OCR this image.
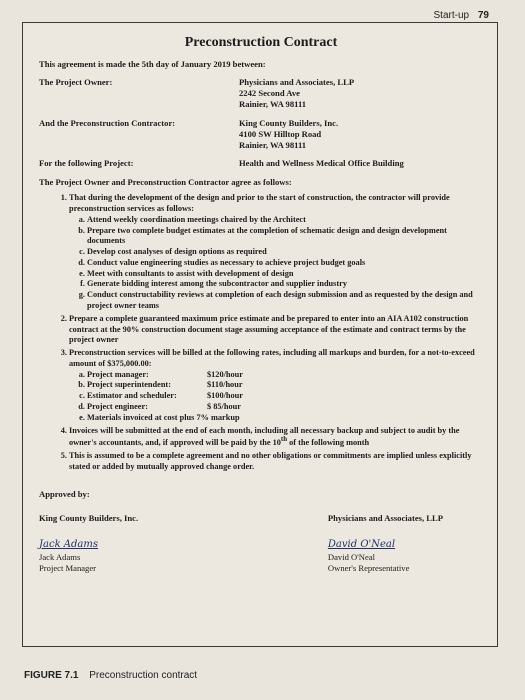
Start-up 79
Preconstruction Contract
This agreement is made the 5th day of January 2019 between:
The Project Owner:	Physicians and Associates, LLP
2242 Second Ave
Rainier, WA 98111
And the Preconstruction Contractor:	King County Builders, Inc.
4100 SW Hilltop Road
Rainier, WA 98111
For the following Project:	Health and Wellness Medical Office Building
The Project Owner and Preconstruction Contractor agree as follows:
1. That during the development of the design and prior to the start of construction, the contractor will provide preconstruction services as follows:
a. Attend weekly coordination meetings chaired by the Architect
b. Prepare two complete budget estimates at the completion of schematic design and design development documents
c. Develop cost analyses of design options as required
d. Conduct value engineering studies as necessary to achieve project budget goals
e. Meet with consultants to assist with development of design
f. Generate bidding interest among the subcontractor and supplier industry
g. Conduct constructability reviews at completion of each design submission and as requested by the design and project owner teams
2. Prepare a complete guaranteed maximum price estimate and be prepared to enter into an AIA A102 construction contract at the 90% construction document stage assuming acceptance of the estimate and contract terms by the project owner
3. Preconstruction services will be billed at the following rates, including all markups and burden, for a not-to-exceed amount of $375,000.00:
a. Project manager:	$120/hour
b. Project superintendent:	$110/hour
c. Estimator and scheduler:	$100/hour
d. Project engineer:	$ 85/hour
e. Materials invoiced at cost plus 7% markup
4. Invoices will be submitted at the end of each month, including all necessary backup and subject to audit by the owner's accountants, and, if approved will be paid by the 10th of the following month
5. This is assumed to be a complete agreement and no other obligations or commitments are implied unless explicitly stated or added by mutually approved change order.
Approved by:
King County Builders, Inc.
Jack Adams
Jack Adams
Project Manager
Physicians and Associates, LLP
David O'Neal
David O'Neal
Owner's Representative
FIGURE 7.1 Preconstruction contract
